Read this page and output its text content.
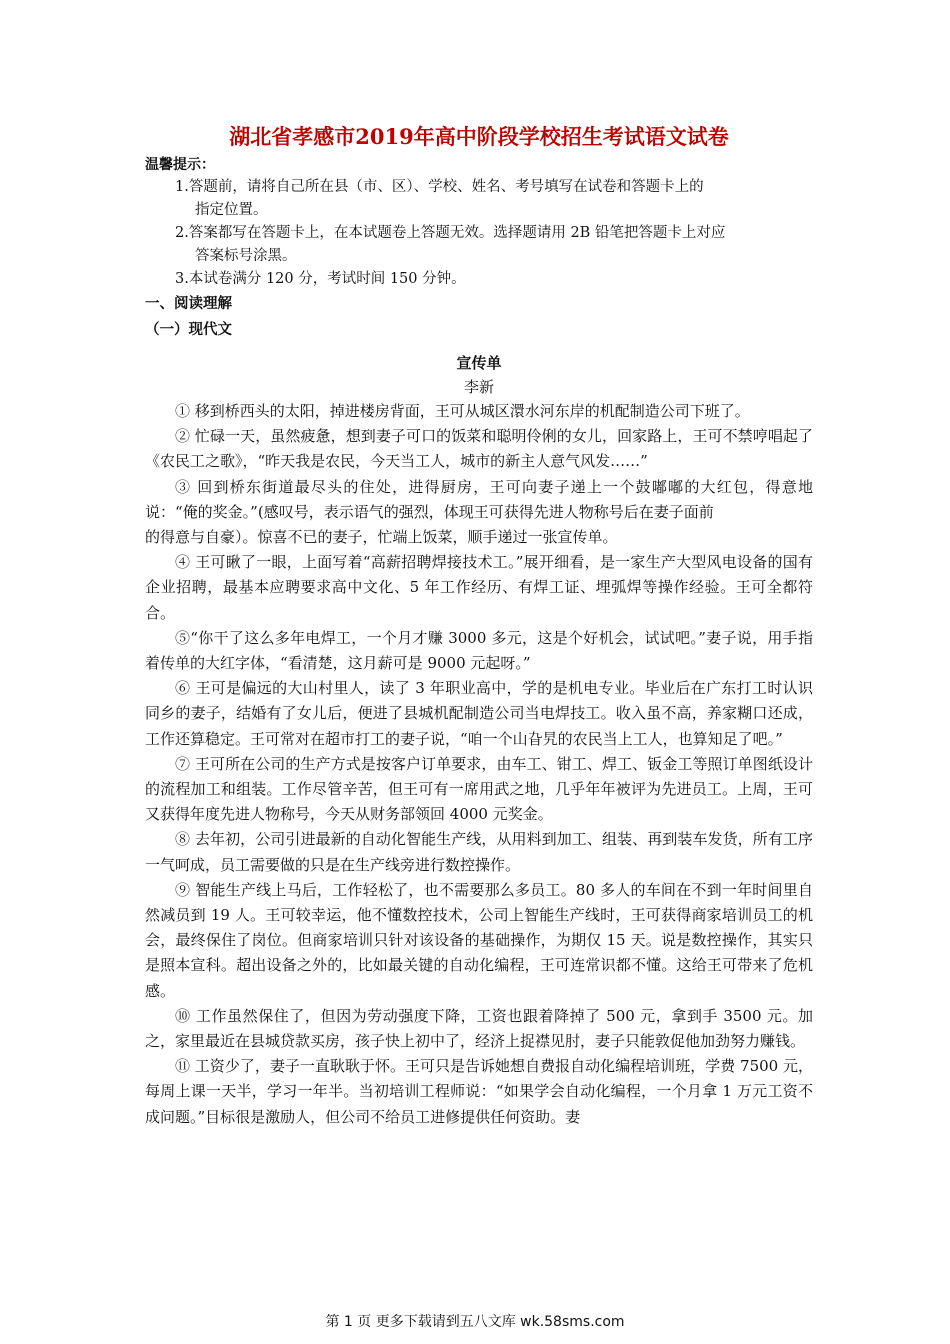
湖北省孝感市2019年高中阶段学校招生考试语文试卷
温馨提示：
1.答题前，请将自己所在县（市、区）、学校、姓名、考号填写在试卷和答题卡上的
指定位置。
2.答案都写在答题卡上，在本试题卷上答题无效。选择题请用 2B 铅笔把答题卡上对应
答案标号涂黑。
3.本试卷满分 120 分，考试时间 150 分钟。
一、阅读理解
（一）现代文
宣传单
李新

① 移到桥西头的太阳，掉进楼房背面，王可从城区澴水河东岸的机配制造公司下班了。

② 忙碌一天，虽然疲惫，想到妻子可口的饭菜和聪明伶俐的女儿，回家路上，王可不禁哼唱起了《农民工之歌》，“昨天我是农民，今天当工人，城市的新主人意气风发……”

③ 回到桥东街道最尽头的住处，进得厨房，王可向妻子递上一个鼓嘟嘟的大红包，得意地说：“俺的奖金。”(感叹号，表示语气的强烈，体现王可获得先进人物称号后在妻子面前

的得意与自豪）。惊喜不已的妻子，忙端上饭菜，顺手递过一张宣传单。

④ 王可瞅了一眼，上面写着“高薪招聘焊接技术工。”展开细看，是一家生产大型风电设备的国有企业招聘，最基本应聘要求高中文化、5 年工作经历、有焊工证、埋弧焊等操作经验。王可全都符合。

⑤“你干了这么多年电焊工，一个月才赚 3000 多元，这是个好机会，试试吧。”妻子说，用手指着传单的大红字体，“看清楚，这月薪可是 9000 元起呀。”

⑥ 王可是偏远的大山村里人，读了 3 年职业高中，学的是机电专业。毕业后在广东打工时认识同乡的妻子，结婚有了女儿后，便进了县城机配制造公司当电焊技工。收入虽不高，养家糊口还成，工作还算稳定。王可常对在超市打工的妻子说，“咱一个山旮旯的农民当上工人，也算知足了吧。”

⑦ 王可所在公司的生产方式是按客户订单要求，由车工、钳工、焊工、钣金工等照订单图纸设计的流程加工和组装。工作尽管辛苦，但王可有一席用武之地，几乎年年被评为先进员工。上周，王可又获得年度先进人物称号，今天从财务部领回 4000 元奖金。

⑧ 去年初，公司引进最新的自动化智能生产线，从用料到加工、组装、再到装车发货，所有工序一气呵成，员工需要做的只是在生产线旁进行数控操作。

⑨ 智能生产线上马后，工作轻松了，也不需要那么多员工。80 多人的车间在不到一年时间里自然减员到 19 人。王可较幸运，他不懂数控技术，公司上智能生产线时，王可获得商家培训员工的机会，最终保住了岗位。但商家培训只针对该设备的基础操作，为期仅 15 天。说是数控操作，其实只是照本宣科。超出设备之外的，比如最关键的自动化编程，王可连常识都不懂。这给王可带来了危机感。

⑩ 工作虽然保住了，但因为劳动强度下降，工资也跟着降掉了 500 元，拿到手 3500 元。加之，家里最近在县城贷款买房，孩子快上初中了，经济上捉襟见肘，妻子只能敦促他加劲努力赚钱。

⑪ 工资少了，妻子一直耿耿于怀。王可只是告诉她想自费报自动化编程培训班，学费 7500 元，每周上课一天半，学习一年半。当初培训工程师说：“如果学会自动化编程，一个月拿 1 万元工资不成问题。”目标很是激励人，但公司不给员工进修提供任何资助。妻

第 1 页 更多下载请到五八文库 wk.58sms.com
